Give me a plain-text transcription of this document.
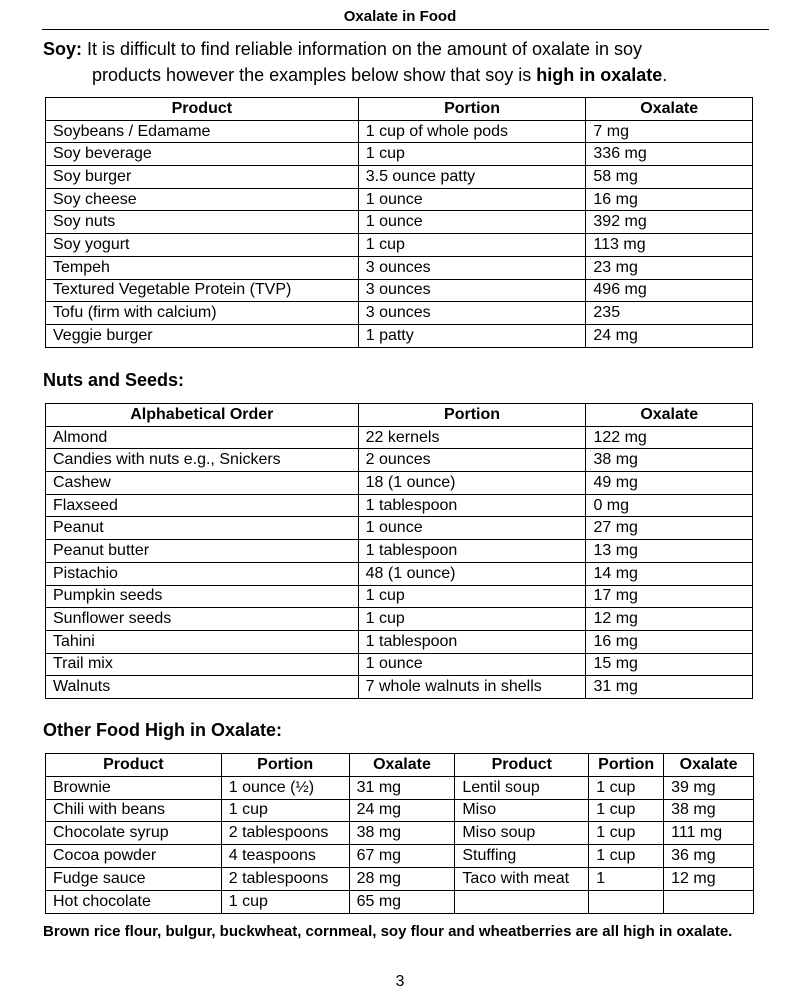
Oxalate in Food
Soy: It is difficult to find reliable information on the amount of oxalate in soy
products however the examples below show that soy is high in oxalate.
Product	Portion	Oxalate
Soybeans / Edamame	1 cup of whole pods	7 mg
Soy beverage	1 cup	336 mg
Soy burger	3.5 ounce patty	58 mg
Soy cheese	1 ounce	16 mg
Soy nuts	1 ounce	392 mg
Soy yogurt	1 cup	113 mg
Tempeh	3 ounces	23 mg
Textured Vegetable Protein (TVP)	3 ounces	496 mg
Tofu (firm with calcium)	3 ounces	235
Veggie burger	1 patty	24 mg
Nuts and Seeds:
Alphabetical Order	Portion	Oxalate
Almond	22 kernels	122 mg
Candies with nuts e.g., Snickers	2 ounces	38 mg
Cashew	18 (1 ounce)	49 mg
Flaxseed	1 tablespoon	0 mg
Peanut	1 ounce	27 mg
Peanut butter	1 tablespoon	13 mg
Pistachio	48 (1 ounce)	14 mg
Pumpkin seeds	1 cup	17 mg
Sunflower seeds	1 cup	12 mg
Tahini	1 tablespoon	16 mg
Trail mix	1 ounce	15 mg
Walnuts	7 whole walnuts in shells	31 mg
Other Food High in Oxalate:
Product	Portion	Oxalate	Product	Portion	Oxalate
Brownie	1 ounce (½)	31 mg	Lentil soup	1 cup	39 mg
Chili with beans	1 cup	24 mg	Miso	1 cup	38 mg
Chocolate syrup	2 tablespoons	38 mg	Miso soup	1 cup	111 mg
Cocoa powder	4 teaspoons	67 mg	Stuffing	1 cup	36 mg
Fudge sauce	2 tablespoons	28 mg	Taco with meat	1	12 mg
Hot chocolate	1 cup	65 mg			
Brown rice flour, bulgur, buckwheat, cornmeal, soy flour and wheatberries are all high in oxalate.
3
